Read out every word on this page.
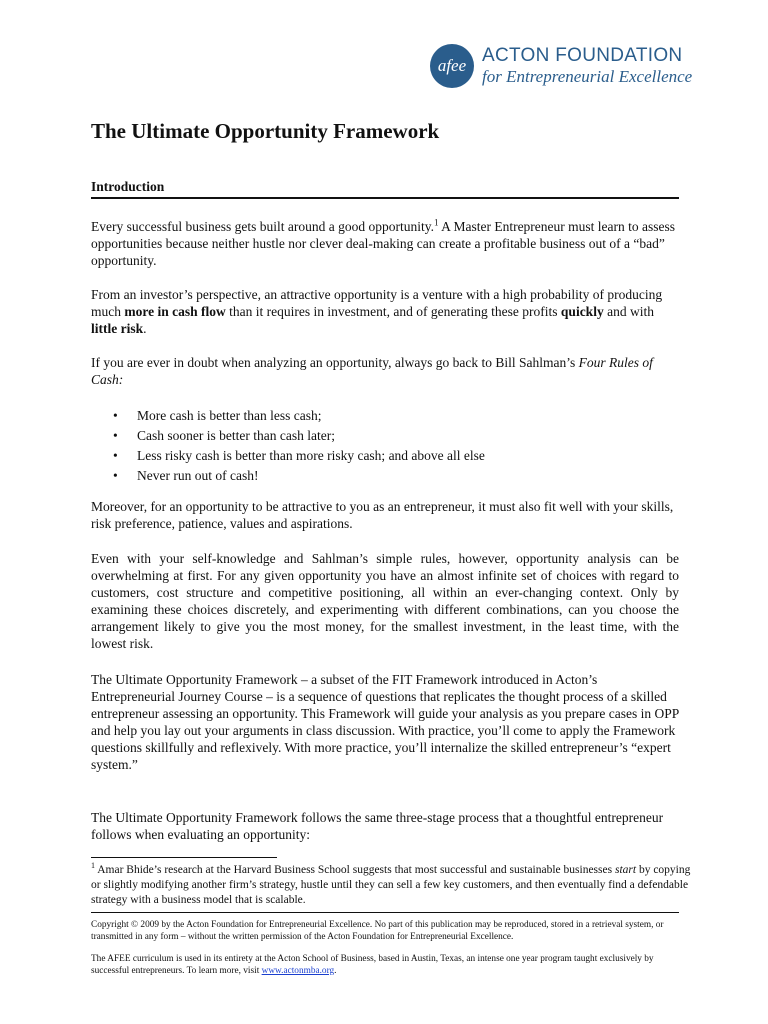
afee ACTON FOUNDATION
for Entrepreneurial Excellence
The Ultimate Opportunity Framework
Introduction

Every successful business gets built around a good opportunity.$^1$ A Master Entrepreneur must learn to assess opportunities because neither hustle nor clever deal-making can create a profitable business out of a “bad” opportunity.

From an investor’s perspective, an attractive opportunity is a venture with a high probability of producing much more in cash flow than it requires in investment, and of generating these profits quickly and with little risk.

If you are ever in doubt when analyzing an opportunity, always go back to Bill Sahlman’s Four Rules of Cash:

• More cash is better than less cash;
• Cash sooner is better than cash later;
• Less risky cash is better than more risky cash; and above all else
• Never run out of cash!

Moreover, for an opportunity to be attractive to you as an entrepreneur, it must also fit well with your skills, risk preference, patience, values and aspirations.

Even with your self-knowledge and Sahlman’s simple rules, however, opportunity analysis can be overwhelming at first. For any given opportunity you have an almost infinite set of choices with regard to customers, cost structure and competitive positioning, all within an ever-changing context. Only by examining these choices discretely, and experimenting with different combinations, can you choose the arrangement likely to give you the most money, for the smallest investment, in the least time, with the lowest risk.

The Ultimate Opportunity Framework – a subset of the FIT Framework introduced in Acton’s Entrepreneurial Journey Course – is a sequence of questions that replicates the thought process of a skilled entrepreneur assessing an opportunity. This Framework will guide your analysis as you prepare cases in OPP and help you lay out your arguments in class discussion. With practice, you’ll come to apply the Framework questions skillfully and reflexively. With more practice, you’ll internalize the skilled entrepreneur’s “expert system.”

The Ultimate Opportunity Framework follows the same three-stage process that a thoughtful entrepreneur follows when evaluating an opportunity:

$^1$ Amar Bhide’s research at the Harvard Business School suggests that most successful and sustainable businesses start by copying or slightly modifying another firm’s strategy, hustle until they can sell a few key customers, and then eventually find a defendable strategy with a business model that is scalable.

Copyright © 2009 by the Acton Foundation for Entrepreneurial Excellence. No part of this publication may be reproduced, stored in a retrieval system, or transmitted in any form – without the written permission of the Acton Foundation for Entrepreneurial Excellence.

The AFEE curriculum is used in its entirety at the Acton School of Business, based in Austin, Texas, an intense one year program taught exclusively by successful entrepreneurs. To learn more, visit www.actonmba.org.
